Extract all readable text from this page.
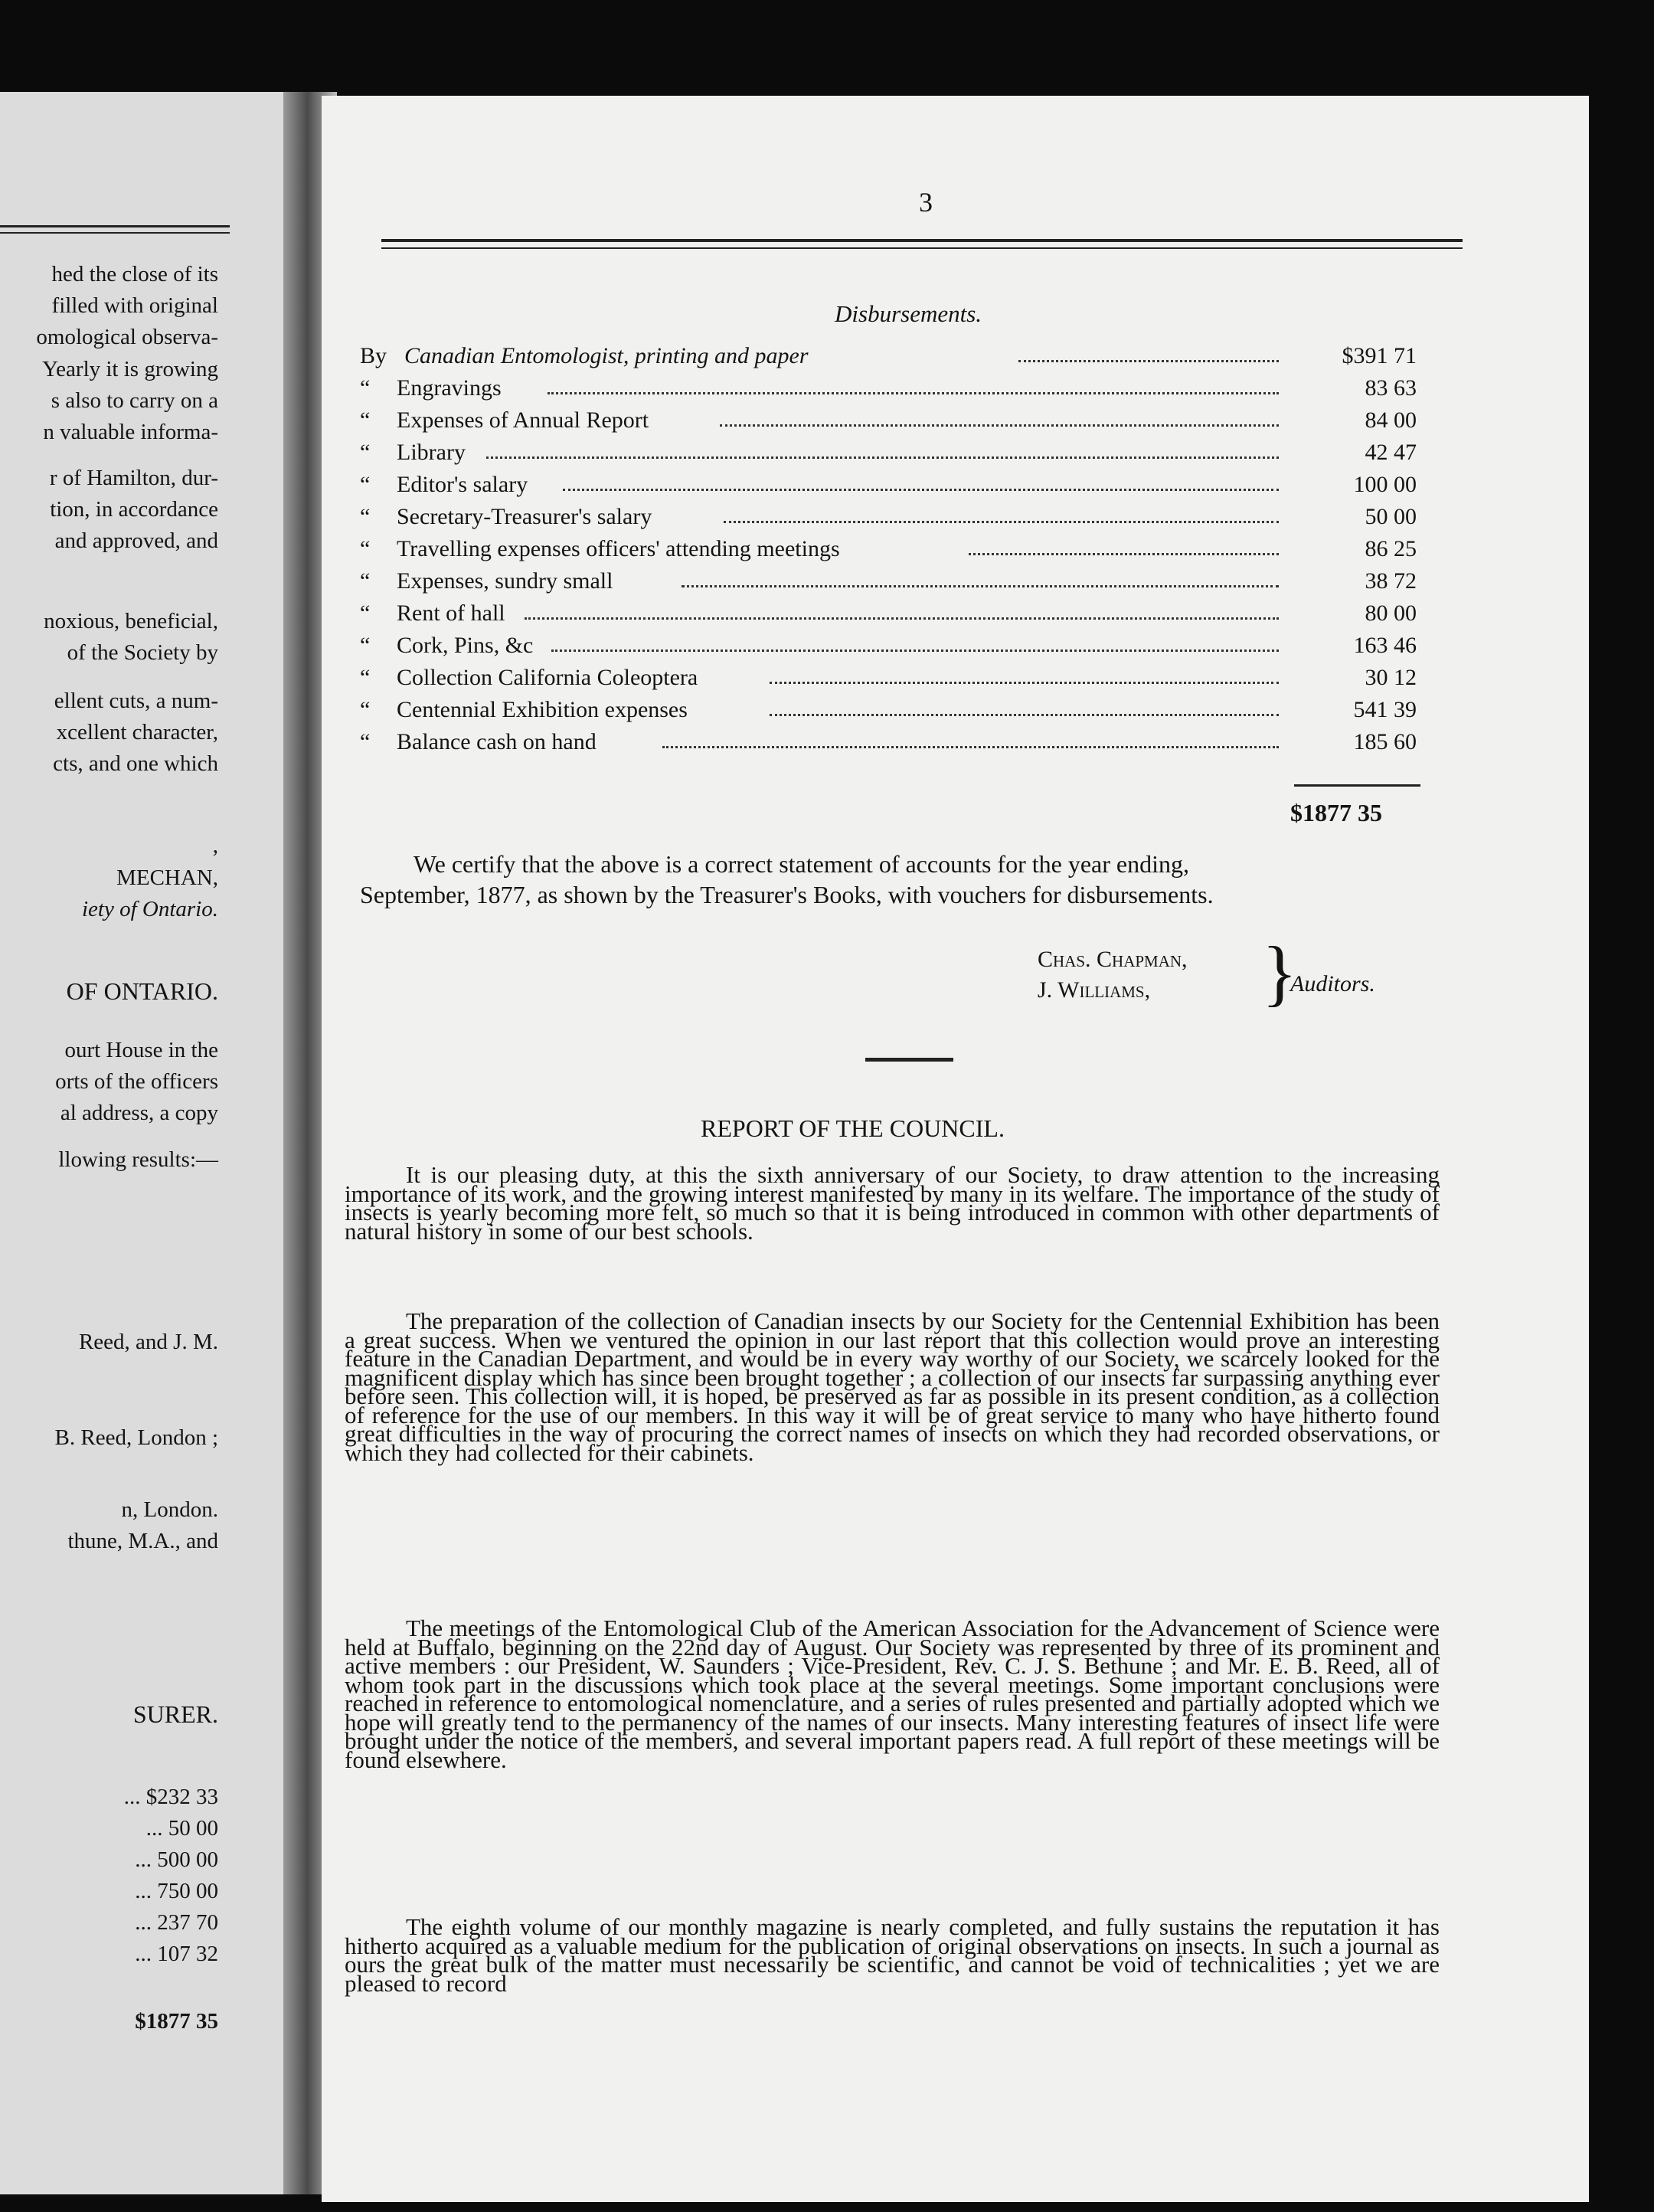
hed the close of its
filled with original
omological observa-
Yearly it is growing
s also to carry on a
n valuable informa-
r of Hamilton, dur-
tion, in accordance
and approved, and
noxious, beneficial,
of the Society by
ellent cuts, a num-
xcellent character,
cts, and one which
,
MECHAN,
iety of Ontario.
OF ONTARIO.
ourt House in the
orts of the officers
al address, a copy
llowing results:—
Reed, and J. M.
B. Reed, London ;
n, London.
thune, M.A., and
SURER.
... $232 33
... 50 00
... 500 00
... 750 00
... 237 70
... 107 32
$1877 35
3
Disbursements.
By Canadian Entomologist, printing and paper	$391 71
“	Engravings	83 63
“	Expenses of Annual Report	84 00
“	Library	42 47
“	Editor's salary	100 00
“	Secretary-Treasurer's salary	50 00
“	Travelling expenses officers' attending meetings	86 25
“	Expenses, sundry small	38 72
“	Rent of hall	80 00
“	Cork, Pins, &c	163 46
“	Collection California Coleoptera	30 12
“	Centennial Exhibition expenses	541 39
“	Balance cash on hand	185 60
$1877 35
We certify that the above is a correct statement of accounts for the year ending,
September, 1877, as shown by the Treasurer's Books, with vouchers for disbursements.
Chas. Chapman,
J. Williams, }
Auditors.
REPORT OF THE COUNCIL.

It is our pleasing duty, at this the sixth anniversary of our Society, to draw attention to the increasing importance of its work, and the growing interest manifested by many in its welfare. The importance of the study of insects is yearly becoming more felt, so much so that it is being introduced in common with other departments of natural history in some of our best schools.

The preparation of the collection of Canadian insects by our Society for the Centennial Exhibition has been a great success. When we ventured the opinion in our last report that this collection would prove an interesting feature in the Canadian Department, and would be in every way worthy of our Society, we scarcely looked for the magnificent display which has since been brought together ; a collection of our insects far surpassing anything ever before seen. This collection will, it is hoped, be preserved as far as possible in its present condition, as a collection of reference for the use of our members. In this way it will be of great service to many who have hitherto found great difficulties in the way of procuring the correct names of insects on which they had recorded observations, or which they had collected for their cabinets.

The meetings of the Entomological Club of the American Association for the Advancement of Science were held at Buffalo, beginning on the 22nd day of August. Our Society was represented by three of its prominent and active members : our President, W. Saunders ; Vice-President, Rev. C. J. S. Bethune ; and Mr. E. B. Reed, all of whom took part in the discussions which took place at the several meetings. Some important conclusions were reached in reference to entomological nomenclature, and a series of rules presented and partially adopted which we hope will greatly tend to the permanency of the names of our insects. Many interesting features of insect life were brought under the notice of the members, and several important papers read. A full report of these meetings will be found elsewhere.

The eighth volume of our monthly magazine is nearly completed, and fully sustains the reputation it has hitherto acquired as a valuable medium for the publication of original observations on insects. In such a journal as ours the great bulk of the matter must necessarily be scientific, and cannot be void of technicalities ; yet we are pleased to record
